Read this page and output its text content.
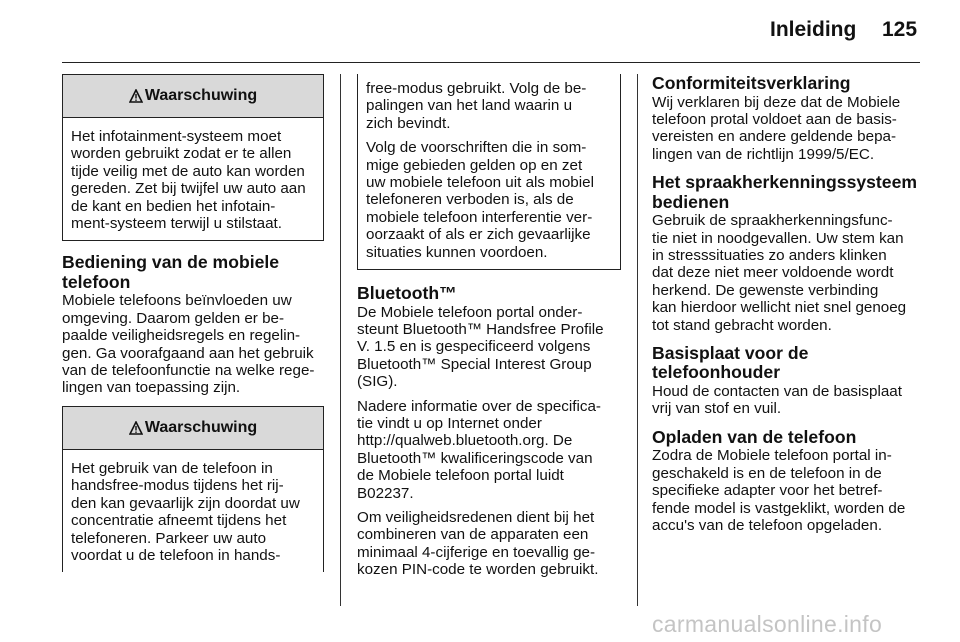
Inleiding 125
Waarschuwing
Het infotainment-systeem moet
worden gebruikt zodat er te allen
tijde veilig met de auto kan worden
gereden. Zet bij twijfel uw auto aan
de kant en bedien het infotain-
ment-systeem terwijl u stilstaat.
Bediening van de mobiele
telefoon

Mobiele telefoons beïnvloeden uw
omgeving. Daarom gelden er be-
paalde veiligheidsregels en regelin-
gen. Ga voorafgaand aan het gebruik
van de telefoonfunctie na welke rege-
lingen van toepassing zijn.

Waarschuwing
Het gebruik van de telefoon in
handsfree-modus tijdens het rij-
den kan gevaarlijk zijn doordat uw
concentratie afneemt tijdens het
telefoneren. Parkeer uw auto
voordat u de telefoon in hands-

free-modus gebruikt. Volg de be-
palingen van het land waarin u
zich bevindt.

Volg de voorschriften die in som-
mige gebieden gelden op en zet
uw mobiele telefoon uit als mobiel
telefoneren verboden is, als de
mobiele telefoon interferentie ver-
oorzaakt of als er zich gevaarlijke
situaties kunnen voordoen.

Bluetooth™

De Mobiele telefoon portal onder-
steunt Bluetooth™ Handsfree Profile
V. 1.5 en is gespecificeerd volgens
Bluetooth™ Special Interest Group
(SIG).

Nadere informatie over de specifica-
tie vindt u op Internet onder
http://qualweb.bluetooth.org. De
Bluetooth™ kwalificeringscode van
de Mobiele telefoon portal luidt
B02237.

Om veiligheidsredenen dient bij het
combineren van de apparaten een
minimaal 4-cijferige en toevallig ge-
kozen PIN-code te worden gebruikt.

Conformiteitsverklaring

Wij verklaren bij deze dat de Mobiele
telefoon protal voldoet aan de basis-
vereisten en andere geldende bepa-
lingen van de richtlijn 1999/5/EC.

Het spraakherkenningssysteem
bedienen

Gebruik de spraakherkenningsfunc-
tie niet in noodgevallen. Uw stem kan
in stresssituaties zo anders klinken
dat deze niet meer voldoende wordt
herkend. De gewenste verbinding
kan hierdoor wellicht niet snel genoeg
tot stand gebracht worden.

Basisplaat voor de
telefoonhouder

Houd de contacten van de basisplaat
vrij van stof en vuil.

Opladen van de telefoon

Zodra de Mobiele telefoon portal in-
geschakeld is en de telefoon in de
specifieke adapter voor het betref-
fende model is vastgeklikt, worden de
accu's van de telefoon opgeladen.

carmanualsonline.info
